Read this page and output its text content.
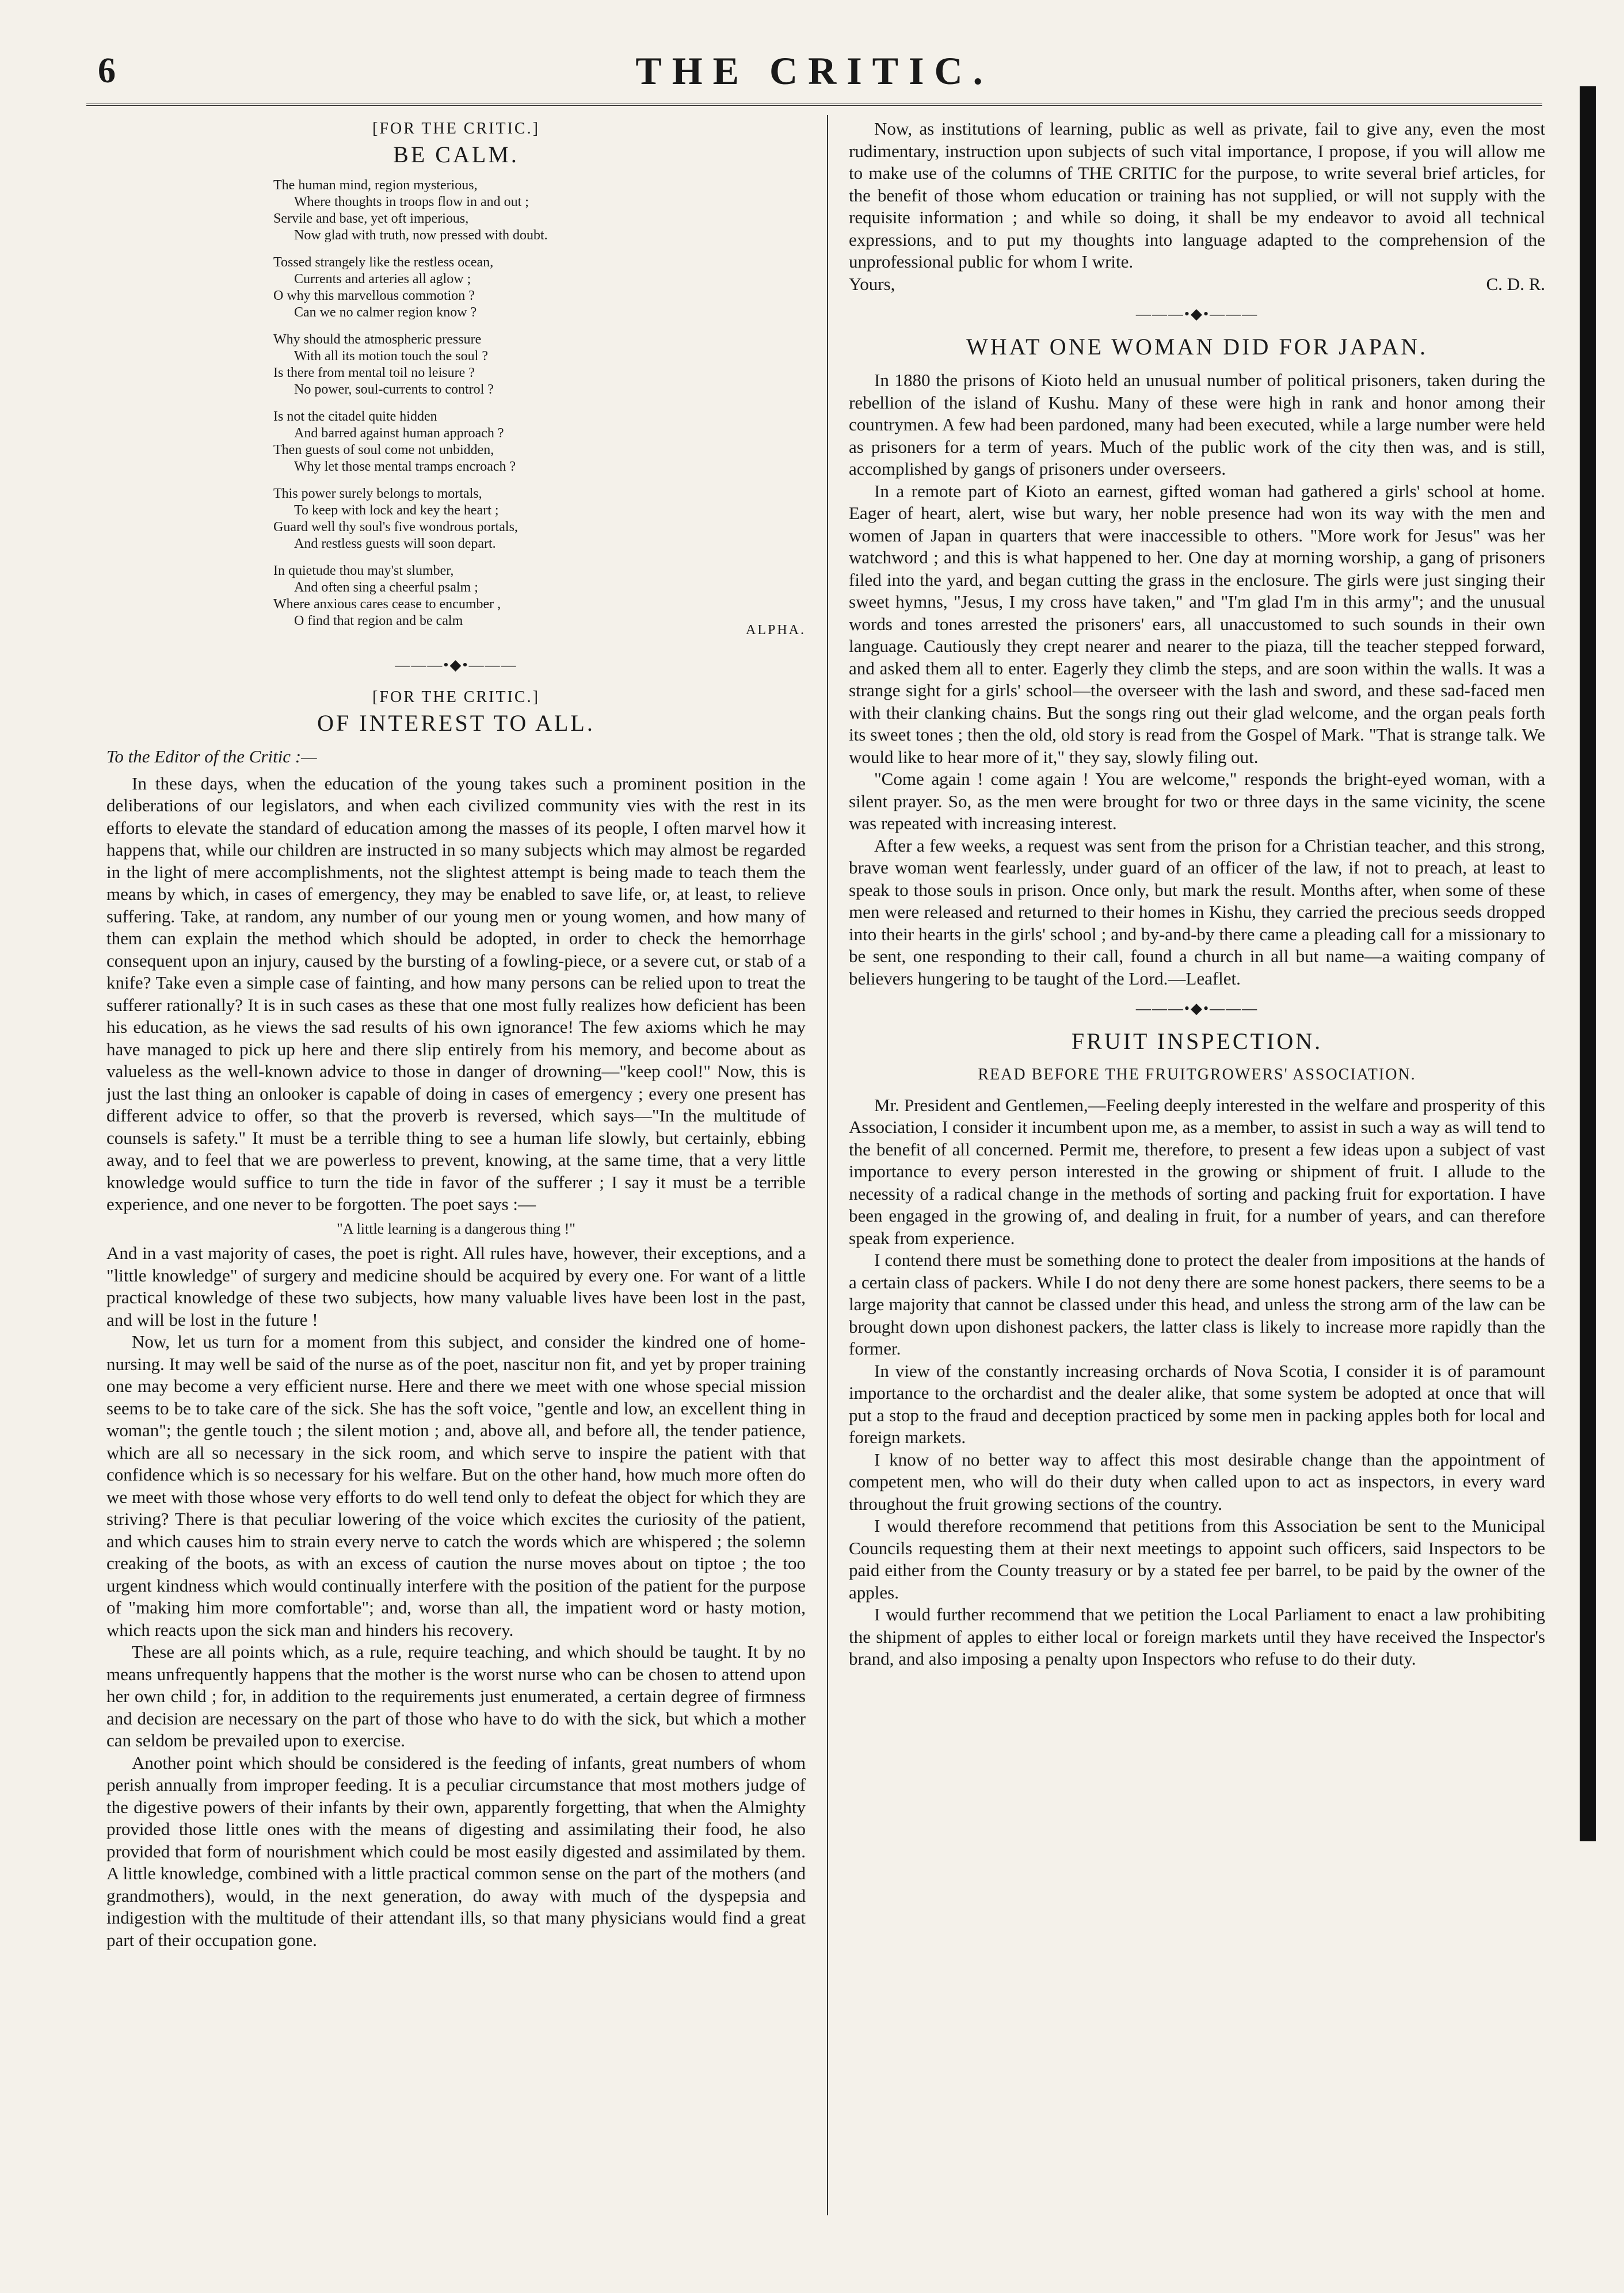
6	THE CRITIC.
[FOR THE CRITIC.]
BE CALM.
The human mind, region mysterious,
Where thoughts in troops flow in and out ;
Servile and base, yet oft imperious,
Now glad with truth, now pressed with doubt.
Tossed strangely like the restless ocean,
Currents and arteries all aglow ;
O why this marvellous commotion ?
Can we no calmer region know ?
Why should the atmospheric pressure
With all its motion touch the soul ?
Is there from mental toil no leisure ?
No power, soul-currents to control ?
Is not the citadel quite hidden
And barred against human approach ?
Then guests of soul come not unbidden,
Why let those mental tramps encroach ?
This power surely belongs to mortals,
To keep with lock and key the heart ;
Guard well thy soul's five wondrous portals,
And restless guests will soon depart.
In quietude thou may'st slumber,
And often sing a cheerful psalm ;
Where anxious cares cease to encumber ,
O find that region and be calm
ALPHA.
———•◆•———
[FOR THE CRITIC.]
OF INTEREST TO ALL.

To the Editor of the Critic :—

In these days, when the education of the young takes such a prominent position in the deliberations of our legislators, and when each civilized community vies with the rest in its efforts to elevate the standard of education among the masses of its people, I often marvel how it happens that, while our children are instructed in so many subjects which may almost be regarded in the light of mere accomplishments, not the slightest attempt is being made to teach them the means by which, in cases of emergency, they may be enabled to save life, or, at least, to relieve suffering. Take, at random, any number of our young men or young women, and how many of them can explain the method which should be adopted, in order to check the hemorrhage consequent upon an injury, caused by the bursting of a fowling-piece, or a severe cut, or stab of a knife? Take even a simple case of fainting, and how many persons can be relied upon to treat the sufferer rationally? It is in such cases as these that one most fully realizes how deficient has been his education, as he views the sad results of his own ignorance! The few axioms which he may have managed to pick up here and there slip entirely from his memory, and become about as valueless as the well-known advice to those in danger of drowning—"keep cool!" Now, this is just the last thing an onlooker is capable of doing in cases of emergency ; every one present has different advice to offer, so that the proverb is reversed, which says—"In the multitude of counsels is safety." It must be a terrible thing to see a human life slowly, but certainly, ebbing away, and to feel that we are powerless to prevent, knowing, at the same time, that a very little knowledge would suffice to turn the tide in favor of the sufferer ; I say it must be a terrible experience, and one never to be forgotten. The poet says :—

"A little learning is a dangerous thing !"

And in a vast majority of cases, the poet is right. All rules have, however, their exceptions, and a "little knowledge" of surgery and medicine should be acquired by every one. For want of a little practical knowledge of these two subjects, how many valuable lives have been lost in the past, and will be lost in the future !

Now, let us turn for a moment from this subject, and consider the kindred one of home-nursing. It may well be said of the nurse as of the poet, nascitur non fit, and yet by proper training one may become a very efficient nurse. Here and there we meet with one whose special mission seems to be to take care of the sick. She has the soft voice, "gentle and low, an excellent thing in woman"; the gentle touch ; the silent motion ; and, above all, and before all, the tender patience, which are all so necessary in the sick room, and which serve to inspire the patient with that confidence which is so necessary for his welfare. But on the other hand, how much more often do we meet with those whose very efforts to do well tend only to defeat the object for which they are striving? There is that peculiar lowering of the voice which excites the curiosity of the patient, and which causes him to strain every nerve to catch the words which are whispered ; the solemn creaking of the boots, as with an excess of caution the nurse moves about on tiptoe ; the too urgent kindness which would continually interfere with the position of the patient for the purpose of "making him more comfortable"; and, worse than all, the impatient word or hasty motion, which reacts upon the sick man and hinders his recovery.

These are all points which, as a rule, require teaching, and which should be taught. It by no means unfrequently happens that the mother is the worst nurse who can be chosen to attend upon her own child ; for, in addition to the requirements just enumerated, a certain degree of firmness and decision are necessary on the part of those who have to do with the sick, but which a mother can seldom be prevailed upon to exercise.

Another point which should be considered is the feeding of infants, great numbers of whom perish annually from improper feeding. It is a peculiar circumstance that most mothers judge of the digestive powers of their infants by their own, apparently forgetting, that when the Almighty provided those little ones with the means of digesting and assimilating their food, he also provided that form of nourishment which could be most easily digested and assimilated by them. A little knowledge, combined with a little practical common sense on the part of the mothers (and grandmothers), would, in the next generation, do away with much of the dyspepsia and indigestion with the multitude of their attendant ills, so that many physicians would find a great part of their occupation gone.

Now, as institutions of learning, public as well as private, fail to give any, even the most rudimentary, instruction upon subjects of such vital importance, I propose, if you will allow me to make use of the columns of THE CRITIC for the purpose, to write several brief articles, for the benefit of those whom education or training has not supplied, or will not supply with the requisite information ; and while so doing, it shall be my endeavor to avoid all technical expressions, and to put my thoughts into language adapted to the comprehension of the unprofessional public for whom I write.

Yours,	C. D. R.
———•◆•———
WHAT ONE WOMAN DID FOR JAPAN.

In 1880 the prisons of Kioto held an unusual number of political prisoners, taken during the rebellion of the island of Kushu. Many of these were high in rank and honor among their countrymen. A few had been pardoned, many had been executed, while a large number were held as prisoners for a term of years. Much of the public work of the city then was, and is still, accomplished by gangs of prisoners under overseers.

In a remote part of Kioto an earnest, gifted woman had gathered a girls' school at home. Eager of heart, alert, wise but wary, her noble presence had won its way with the men and women of Japan in quarters that were inaccessible to others. "More work for Jesus" was her watchword ; and this is what happened to her. One day at morning worship, a gang of prisoners filed into the yard, and began cutting the grass in the enclosure. The girls were just singing their sweet hymns, "Jesus, I my cross have taken," and "I'm glad I'm in this army"; and the unusual words and tones arrested the prisoners' ears, all unaccustomed to such sounds in their own language. Cautiously they crept nearer and nearer to the piaza, till the teacher stepped forward, and asked them all to enter. Eagerly they climb the steps, and are soon within the walls. It was a strange sight for a girls' school—the overseer with the lash and sword, and these sad-faced men with their clanking chains. But the songs ring out their glad welcome, and the organ peals forth its sweet tones ; then the old, old story is read from the Gospel of Mark. "That is strange talk. We would like to hear more of it," they say, slowly filing out.

"Come again ! come again ! You are welcome," responds the bright-eyed woman, with a silent prayer. So, as the men were brought for two or three days in the same vicinity, the scene was repeated with increasing interest.

After a few weeks, a request was sent from the prison for a Christian teacher, and this strong, brave woman went fearlessly, under guard of an officer of the law, if not to preach, at least to speak to those souls in prison. Once only, but mark the result. Months after, when some of these men were released and returned to their homes in Kishu, they carried the precious seeds dropped into their hearts in the girls' school ; and by-and-by there came a pleading call for a missionary to be sent, one responding to their call, found a church in all but name—a waiting company of believers hungering to be taught of the Lord.—Leaflet.

———•◆•———
FRUIT INSPECTION.
READ BEFORE THE FRUITGROWERS' ASSOCIATION.

Mr. President and Gentlemen,—Feeling deeply interested in the welfare and prosperity of this Association, I consider it incumbent upon me, as a member, to assist in such a way as will tend to the benefit of all concerned. Permit me, therefore, to present a few ideas upon a subject of vast importance to every person interested in the growing or shipment of fruit. I allude to the necessity of a radical change in the methods of sorting and packing fruit for exportation. I have been engaged in the growing of, and dealing in fruit, for a number of years, and can therefore speak from experience.

I contend there must be something done to protect the dealer from impositions at the hands of a certain class of packers. While I do not deny there are some honest packers, there seems to be a large majority that cannot be classed under this head, and unless the strong arm of the law can be brought down upon dishonest packers, the latter class is likely to increase more rapidly than the former.

In view of the constantly increasing orchards of Nova Scotia, I consider it is of paramount importance to the orchardist and the dealer alike, that some system be adopted at once that will put a stop to the fraud and deception practiced by some men in packing apples both for local and foreign markets.

I know of no better way to affect this most desirable change than the appointment of competent men, who will do their duty when called upon to act as inspectors, in every ward throughout the fruit growing sections of the country.

I would therefore recommend that petitions from this Association be sent to the Municipal Councils requesting them at their next meetings to appoint such officers, said Inspectors to be paid either from the County treasury or by a stated fee per barrel, to be paid by the owner of the apples.

I would further recommend that we petition the Local Parliament to enact a law prohibiting the shipment of apples to either local or foreign markets until they have received the Inspector's brand, and also imposing a penalty upon Inspectors who refuse to do their duty.
